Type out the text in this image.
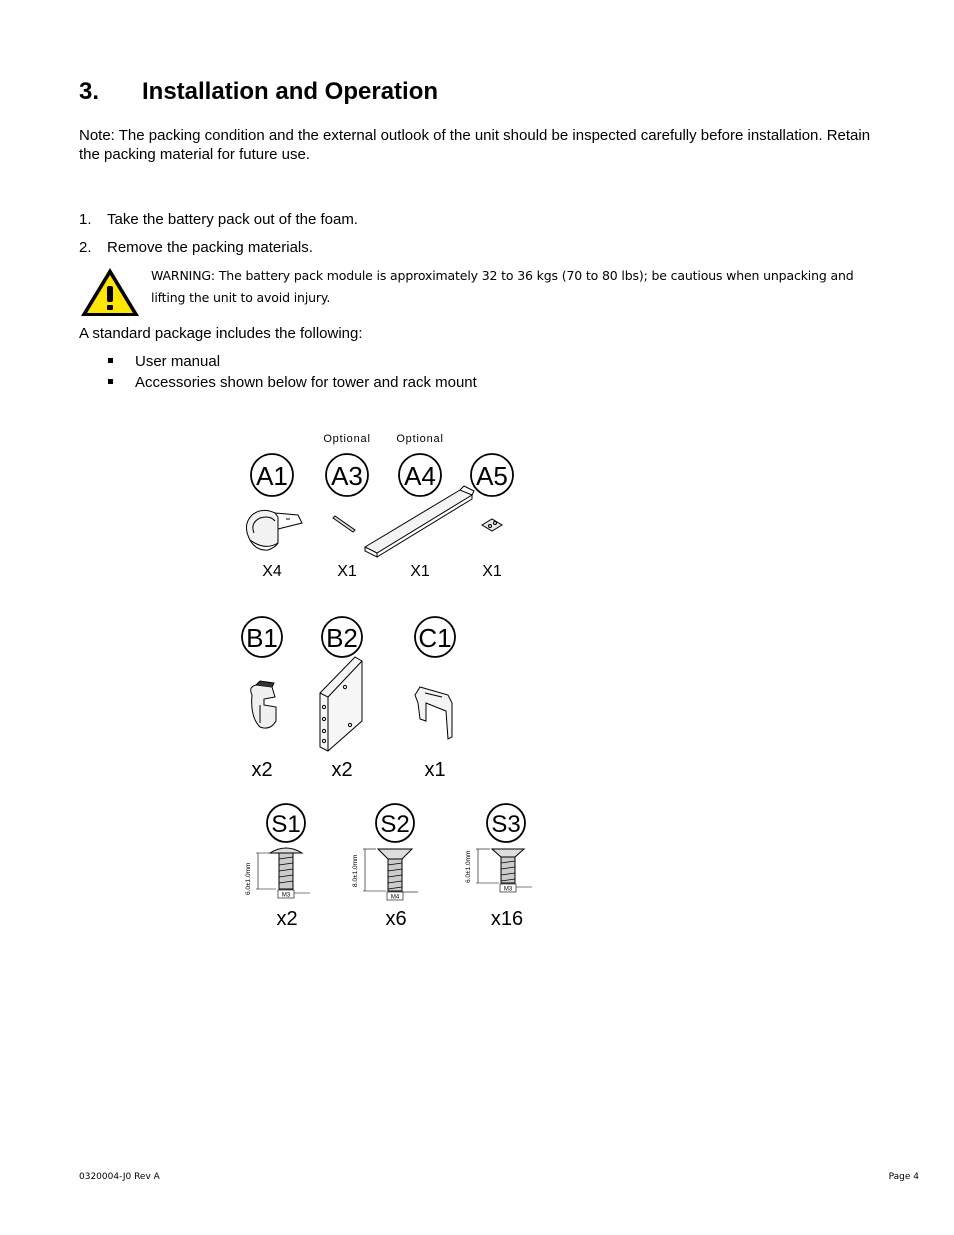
3. Installation and Operation
Note: The packing condition and the external outlook of the unit should be inspected carefully before installation. Retain the packing material for future use.
1. Take the battery pack out of the foam.
2. Remove the packing materials.
WARNING: The battery pack module is approximately 32 to 36 kgs (70 to 80 lbs); be cautious when unpacking and lifting the unit to avoid injury.
A standard package includes the following:
User manual
Accessories shown below for tower and rack mount
Optional Optional
A1 A3 A4 A5
X4	X1	X1	X1
B1 B2 C1
x2	x2	x1
S1	S2	S3
M3
6.0±1.0mm
M4
8.0±1.0mm
M3
6.0±1.0mm
x2	x6	x16
0320004-J0 Rev A	Page 4
